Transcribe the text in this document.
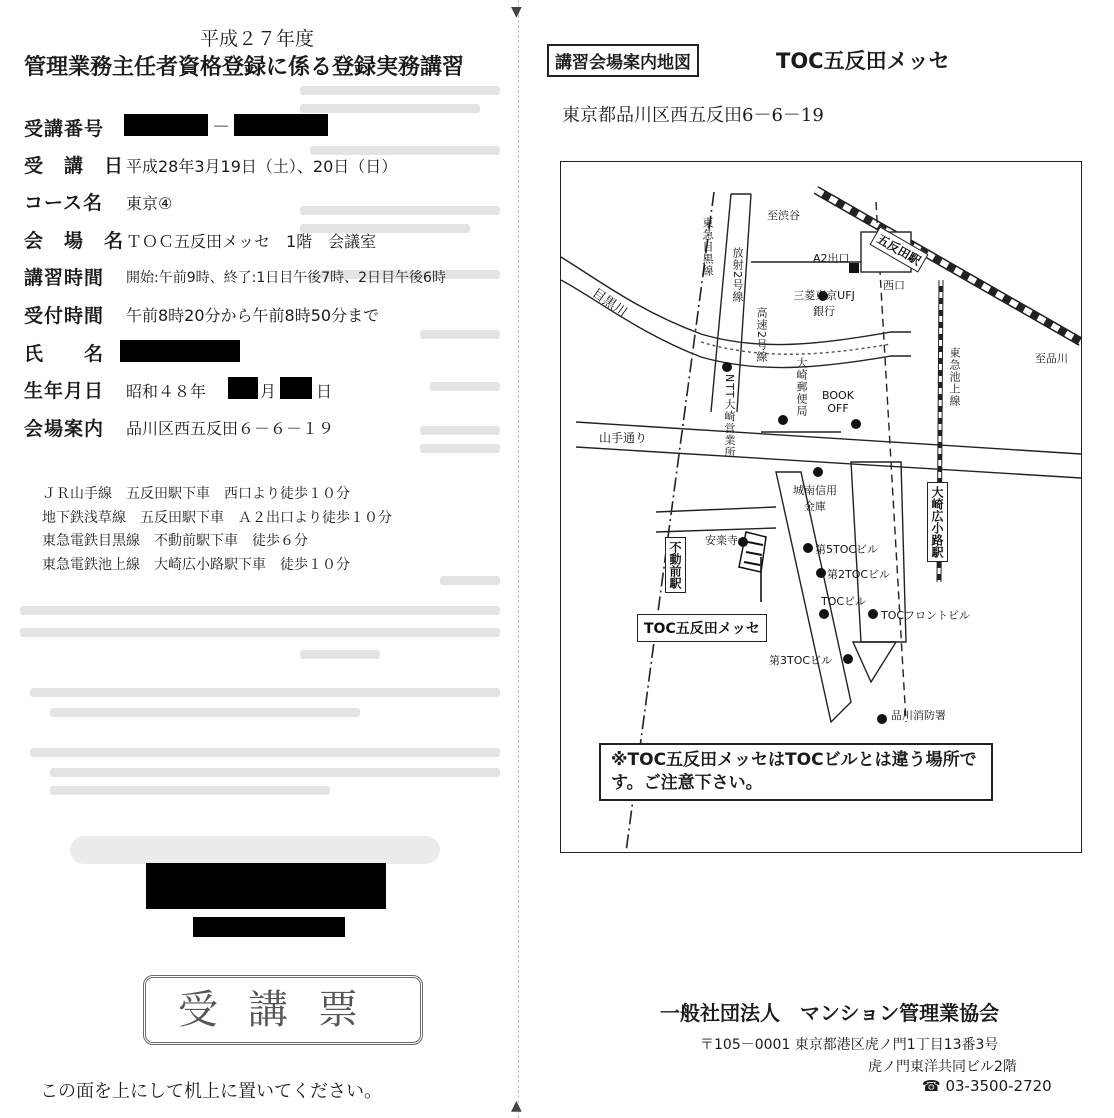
▼
▲
平成２７年度
管理業務主任者資格登録に係る登録実務講習
受講番号	－
受　講　日 平成28年3月19日（土）、20日（日）
コース名 東京④
会　場　名 ＴＯＣ五反田メッセ　1階　会議室
講習時間 開始:午前9時、終了:1日目午後7時、2日目午後6時
受付時間 午前8時20分から午前8時50分まで
氏　　名
生年月日 昭和４８年	月 日
会場案内 品川区西五反田６－６－１９
ＪＲ山手線　五反田駅下車　西口より徒歩１０分
地下鉄浅草線　五反田駅下車　Ａ２出口より徒歩１０分
東急電鉄目黒線　不動前駅下車　徒歩６分
東急電鉄池上線　大崎広小路駅下車　徒歩１０分
受講票
この面を上にして机上に置いてください。
講習会場案内地図	TOC五反田メッセ
東京都品川区西五反田6－6－19
至渋谷
至品川
五反田駅
西口
A2出口
三菱東京UFJ銀行
東急目黒線 放射2号線
高速2号線
目黒川
NTT大崎営業所	大崎郵便局	BOOK OFF
東急池上線
山手通り
城南信用金庫	大崎広小路駅
安楽寺
不動前駅	第5TOCビル
第2TOCビル
TOCビル
TOCフロントビル
第3TOCビル
品川消防署
TOC五反田メッセ
※TOC五反田メッセはTOCビルとは違う場所です。ご注意下さい。
一般社団法人　マンション管理業協会
〒105－0001 東京都港区虎ノ門1丁目13番3号
虎ノ門東洋共同ビル2階
☎ 03-3500-2720
